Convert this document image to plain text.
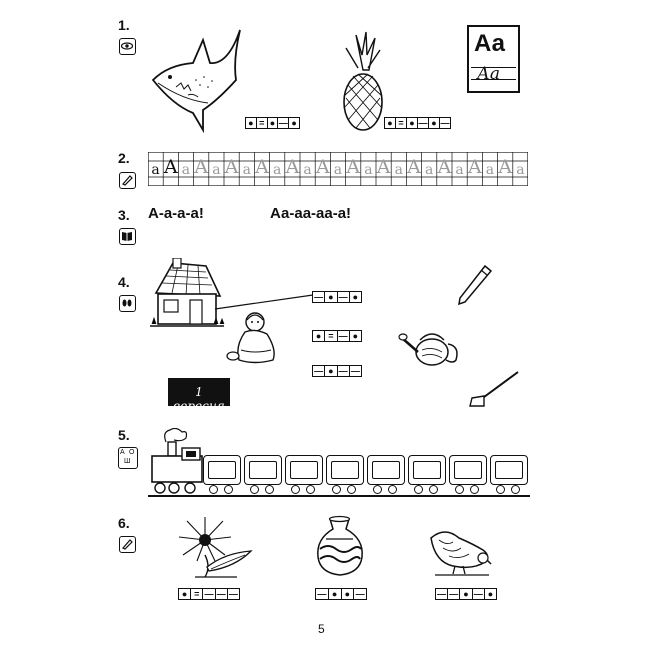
1.
● = ● — ●	● = ● — ● —
Аа
Аа
2.
а А а А а А а А а А а А а А а А а А а А а А а А а
3. А-а-а-а!	Аа-аа-аа-а!
4.
— ● — ●
● = — ●
— ● — —
1 вересня
5.
А О
Ш
6.
● = — — —	— ● ● —	— — ● — ●
5
